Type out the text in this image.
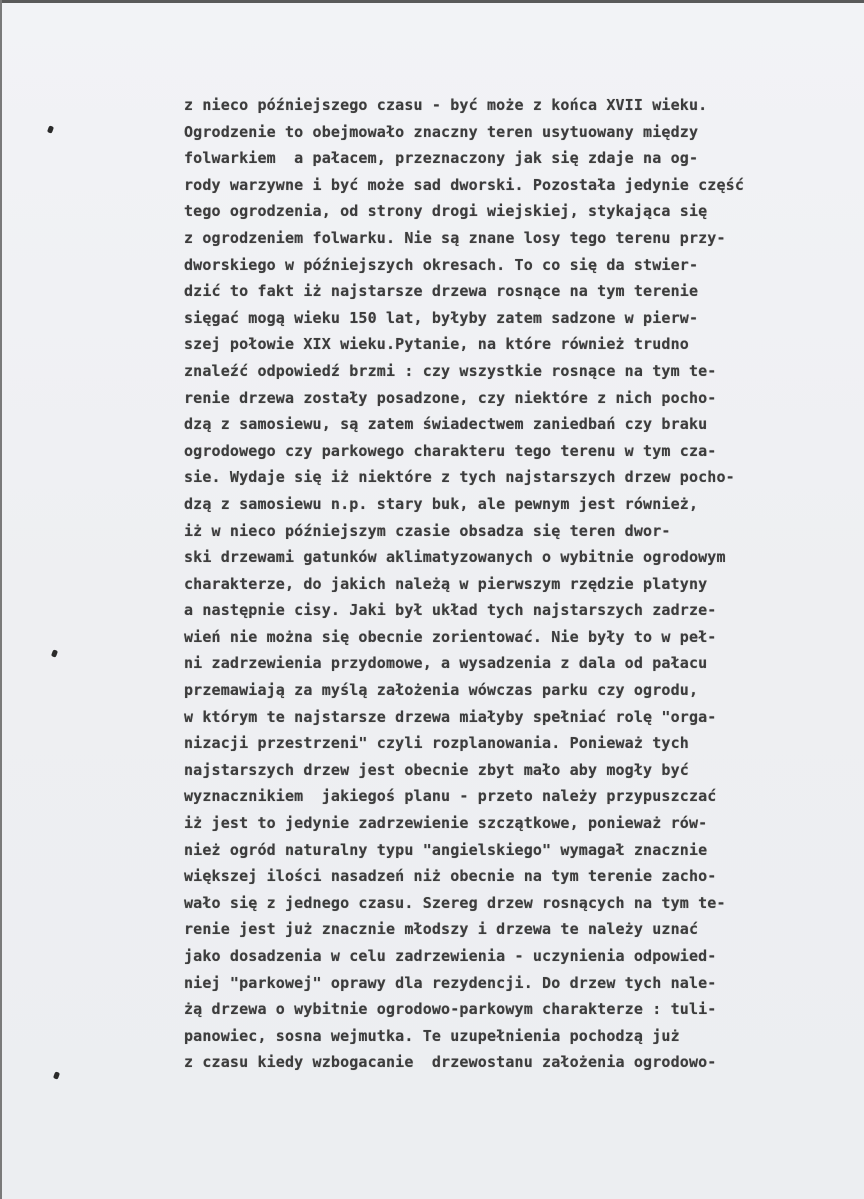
z nieco późniejszego czasu - być może z końca XVII wieku.
Ogrodzenie to obejmowało znaczny teren usytuowany między
folwarkiem  a pałacem, przeznaczony jak się zdaje na og-
rody warzywne i być może sad dworski. Pozostała jedynie część
tego ogrodzenia, od strony drogi wiejskiej, stykająca się
z ogrodzeniem folwarku. Nie są znane losy tego terenu przy-
dworskiego w późniejszych okresach. To co się da stwier-
dzić to fakt iż najstarsze drzewa rosnące na tym terenie
sięgać mogą wieku 150 lat, byłyby zatem sadzone w pierw-
szej połowie XIX wieku.Pytanie, na które również trudno
znaleźć odpowiedź brzmi : czy wszystkie rosnące na tym te-
renie drzewa zostały posadzone, czy niektóre z nich pocho-
dzą z samosiewu, są zatem świadectwem zaniedbań czy braku
ogrodowego czy parkowego charakteru tego terenu w tym cza-
sie. Wydaje się iż niektóre z tych najstarszych drzew pocho-
dzą z samosiewu n.p. stary buk, ale pewnym jest również,
iż w nieco późniejszym czasie obsadza się teren dwor-
ski drzewami gatunków aklimatyzowanych o wybitnie ogrodowym
charakterze, do jakich należą w pierwszym rzędzie platyny
a następnie cisy. Jaki był układ tych najstarszych zadrze-
wień nie można się obecnie zorientować. Nie były to w peł-
ni zadrzewienia przydomowe, a wysadzenia z dala od pałacu
przemawiają za myślą założenia wówczas parku czy ogrodu,
w którym te najstarsze drzewa miałyby spełniać rolę "orga-
nizacji przestrzeni" czyli rozplanowania. Ponieważ tych
najstarszych drzew jest obecnie zbyt mało aby mogły być
wyznacznikiem  jakiegoś planu - przeto należy przypuszczać
iż jest to jedynie zadrzewienie szczątkowe, ponieważ rów-
nież ogród naturalny typu "angielskiego" wymagał znacznie
większej ilości nasadzeń niż obecnie na tym terenie zacho-
wało się z jednego czasu. Szereg drzew rosnących na tym te-
renie jest już znacznie młodszy i drzewa te należy uznać
jako dosadzenia w celu zadrzewienia - uczynienia odpowied-
niej "parkowej" oprawy dla rezydencji. Do drzew tych nale-
żą drzewa o wybitnie ogrodowo-parkowym charakterze : tuli-
panowiec, sosna wejmutka. Te uzupełnienia pochodzą już
z czasu kiedy wzbogacanie  drzewostanu założenia ogrodowo-
